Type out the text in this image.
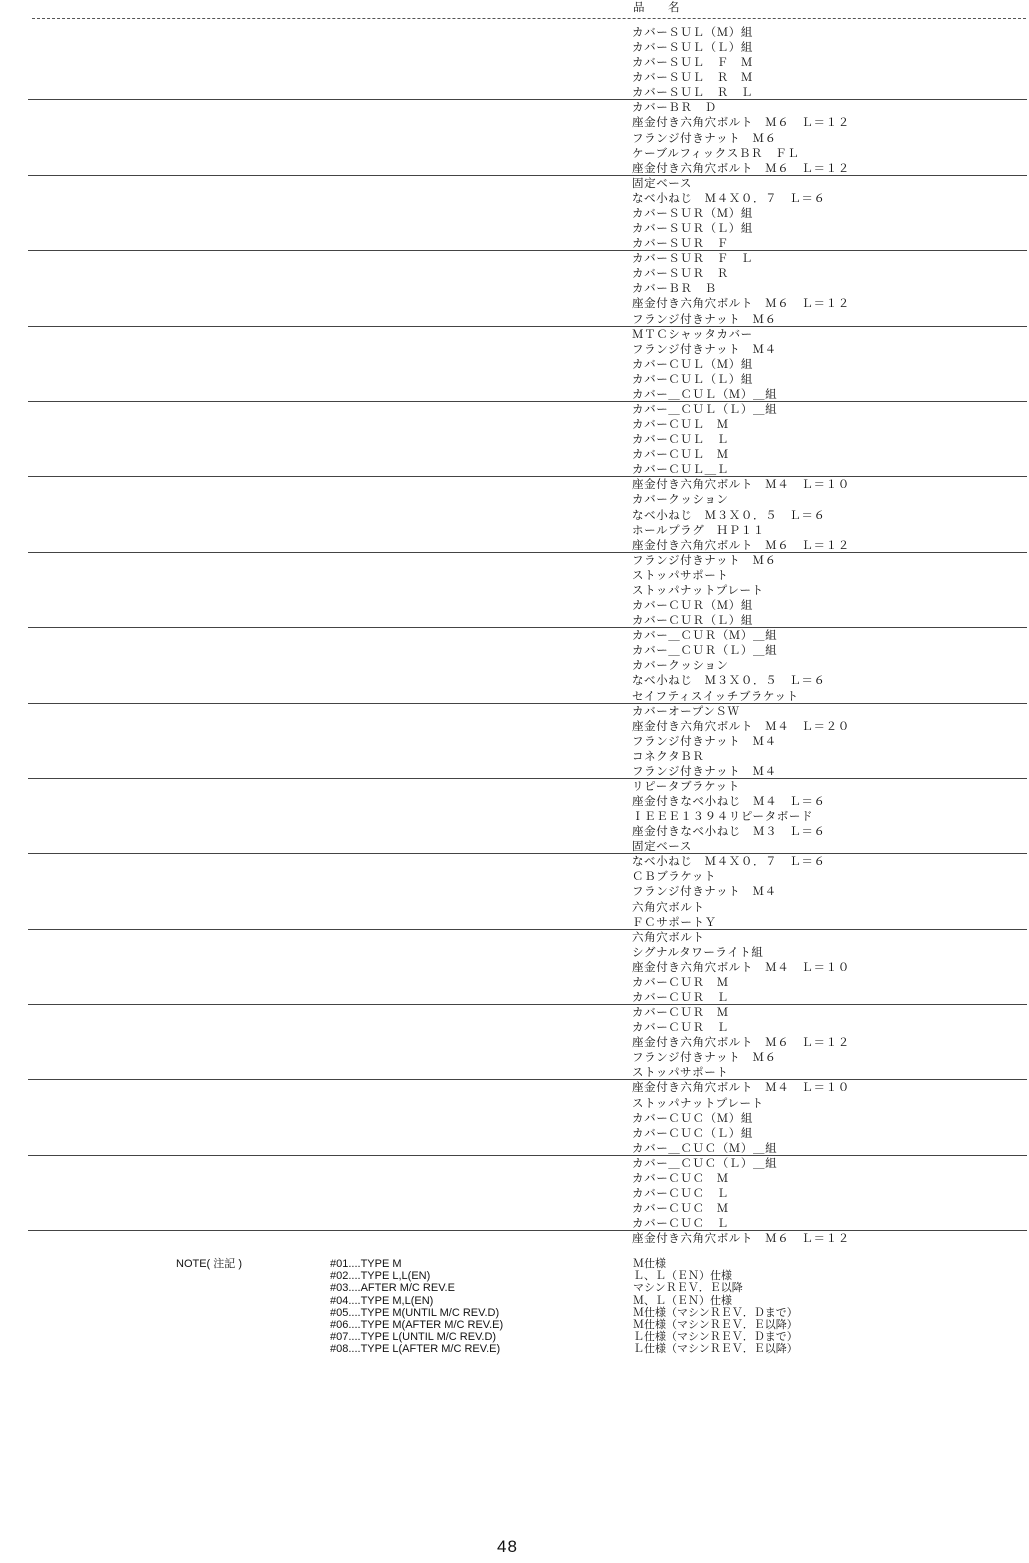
品　名
カバーＳＵＬ（Ｍ）組
カバーＳＵＬ（Ｌ）組
カバーＳＵＬ　Ｆ　Ｍ
カバーＳＵＬ　Ｒ　Ｍ
カバーＳＵＬ　Ｒ　Ｌ
カバーＢＲ　Ｄ
座金付き六角穴ボルト　Ｍ６　Ｌ＝１２
フランジ付きナット　Ｍ６
ケーブルフィックスＢＲ　ＦＬ
座金付き六角穴ボルト　Ｍ６　Ｌ＝１２
固定ベース
なべ小ねじ　Ｍ４Ｘ０．７　Ｌ＝６
カバーＳＵＲ（Ｍ）組
カバーＳＵＲ（Ｌ）組
カバーＳＵＲ　Ｆ
カバーＳＵＲ　Ｆ　Ｌ
カバーＳＵＲ　Ｒ
カバーＢＲ　Ｂ
座金付き六角穴ボルト　Ｍ６　Ｌ＝１２
フランジ付きナット　Ｍ６
ＭＴＣシャッタカバー
フランジ付きナット　Ｍ４
カバーＣＵＬ（Ｍ）組
カバーＣＵＬ（Ｌ）組
カバー＿ＣＵＬ（Ｍ）＿組
カバー＿ＣＵＬ（Ｌ）＿組
カバーＣＵＬ　Ｍ
カバーＣＵＬ　Ｌ
カバーＣＵＬ　Ｍ
カバーＣＵＬ＿Ｌ
座金付き六角穴ボルト　Ｍ４　Ｌ＝１０
カバークッション
なべ小ねじ　Ｍ３Ｘ０．５　Ｌ＝６
ホールプラグ　ＨＰ１１
座金付き六角穴ボルト　Ｍ６　Ｌ＝１２
フランジ付きナット　Ｍ６
ストッパサポート
ストッパナットプレート
カバーＣＵＲ（Ｍ）組
カバーＣＵＲ（Ｌ）組
カバー＿ＣＵＲ（Ｍ）＿組
カバー＿ＣＵＲ（Ｌ）＿組
カバークッション
なべ小ねじ　Ｍ３Ｘ０．５　Ｌ＝６
セイフティスイッチブラケット
カバーオープンＳＷ
座金付き六角穴ボルト　Ｍ４　Ｌ＝２０
フランジ付きナット　Ｍ４
コネクタＢＲ
フランジ付きナット　Ｍ４
リピータブラケット
座金付きなべ小ねじ　Ｍ４　Ｌ＝６
ＩＥＥＥ１３９４リピータボード
座金付きなべ小ねじ　Ｍ３　Ｌ＝６
固定ベース
なべ小ねじ　Ｍ４Ｘ０．７　Ｌ＝６
ＣＢブラケット
フランジ付きナット　Ｍ４
六角穴ボルト
ＦＣサポートＹ
六角穴ボルト
シグナルタワーライト組
座金付き六角穴ボルト　Ｍ４　Ｌ＝１０
カバーＣＵＲ　Ｍ
カバーＣＵＲ　Ｌ
カバーＣＵＲ　Ｍ
カバーＣＵＲ　Ｌ
座金付き六角穴ボルト　Ｍ６　Ｌ＝１２
フランジ付きナット　Ｍ６
ストッパサポート
座金付き六角穴ボルト　Ｍ４　Ｌ＝１０
ストッパナットプレート
カバーＣＵＣ（Ｍ）組
カバーＣＵＣ（Ｌ）組
カバー＿ＣＵＣ（Ｍ）＿組
カバー＿ＣＵＣ（Ｌ）＿組
カバーＣＵＣ　Ｍ
カバーＣＵＣ　Ｌ
カバーＣＵＣ　Ｍ
カバーＣＵＣ　Ｌ
座金付き六角穴ボルト　Ｍ６　Ｌ＝１２
NOTE( 注記 )	#01....TYPE M
#02....TYPE L,L(EN)
#03....AFTER M/C REV.E
#04....TYPE M,L(EN)
#05....TYPE M(UNTIL M/C REV.D)
#06....TYPE M(AFTER M/C REV.E)
#07....TYPE L(UNTIL M/C REV.D)
#08....TYPE L(AFTER M/C REV.E)
Ｍ仕様
Ｌ、Ｌ（ＥＮ）仕様
マシンＲＥＶ．Ｅ以降
Ｍ、Ｌ（ＥＮ）仕様
Ｍ仕様（マシンＲＥＶ．Ｄまで）
Ｍ仕様（マシンＲＥＶ．Ｅ以降）
Ｌ仕様（マシンＲＥＶ．Ｄまで）
Ｌ仕様（マシンＲＥＶ．Ｅ以降）
48
